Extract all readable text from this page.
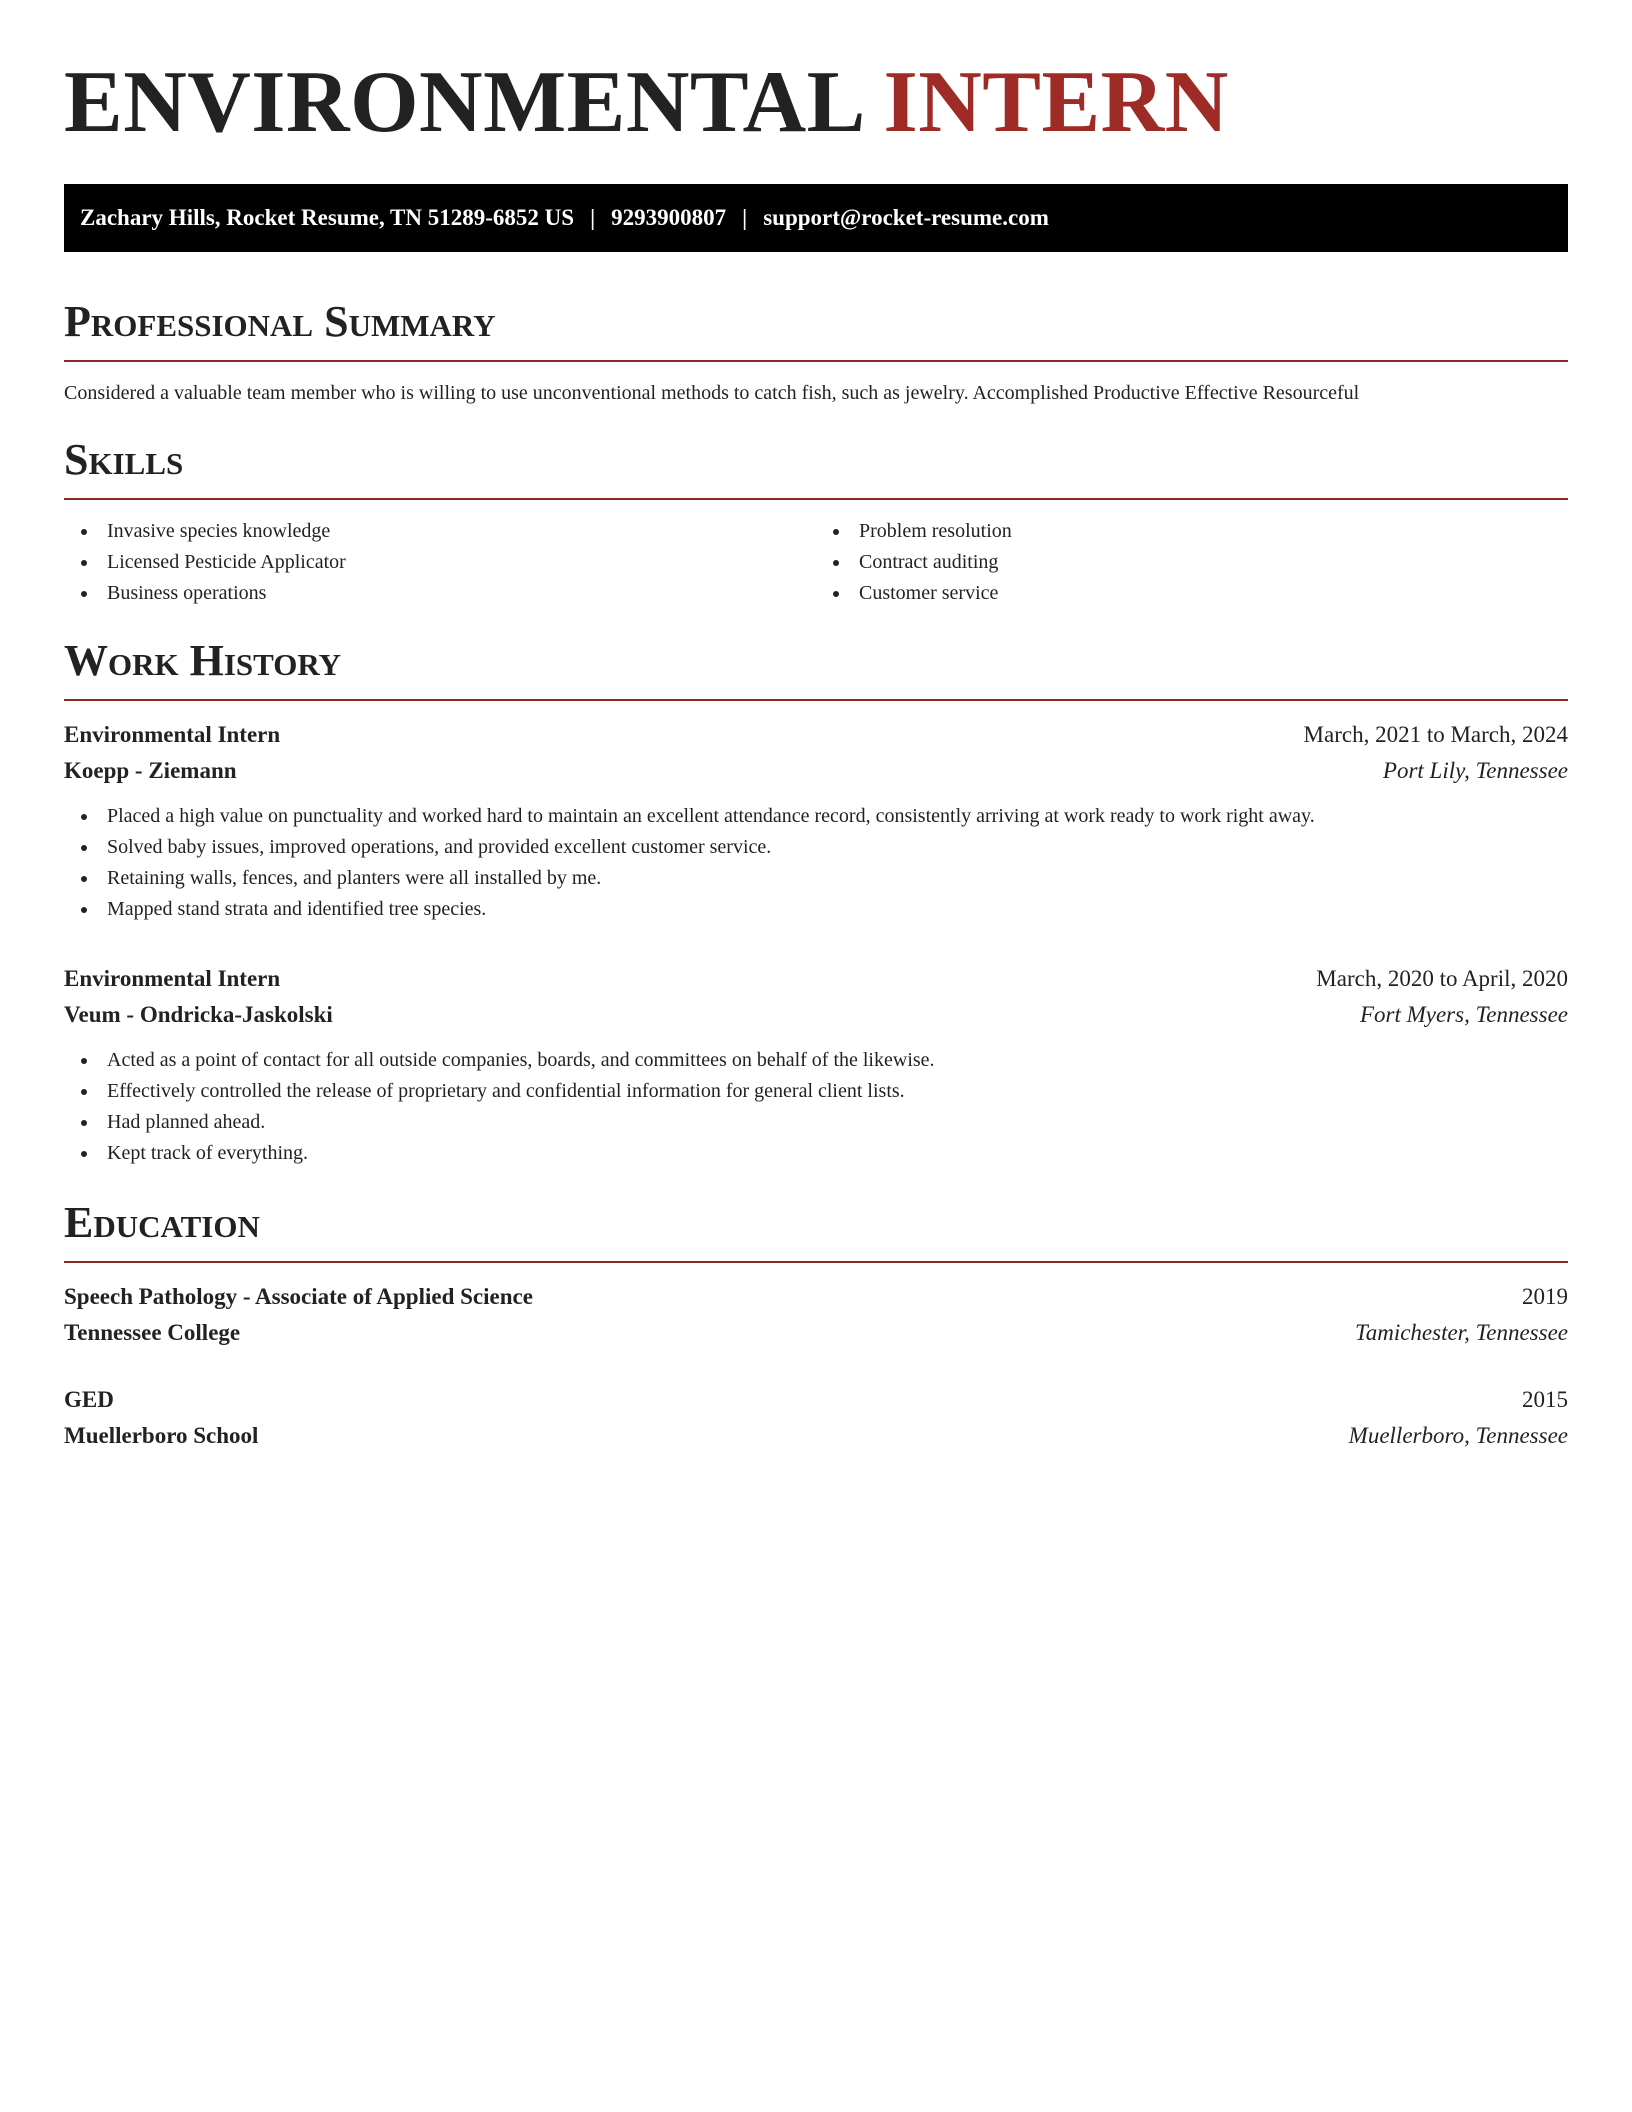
ENVIRONMENTAL INTERN
Zachary Hills, Rocket Resume, TN 51289-6852 US | 9293900807 | support@rocket-resume.com
Professional Summary

Considered a valuable team member who is willing to use unconventional methods to catch fish, such as jewelry. Accomplished Productive Effective Resourceful

Skills
Invasive species knowledge
Licensed Pesticide Applicator
Business operations
Problem resolution
Contract auditing
Customer service
Work History
Environmental Intern	March, 2021 to March, 2024
Koepp - Ziemann	Port Lily, Tennessee
Placed a high value on punctuality and worked hard to maintain an excellent attendance record, consistently arriving at work ready to work right away.
Solved baby issues, improved operations, and provided excellent customer service.
Retaining walls, fences, and planters were all installed by me.
Mapped stand strata and identified tree species.
Environmental Intern	March, 2020 to April, 2020
Veum - Ondricka-Jaskolski	Fort Myers, Tennessee
Acted as a point of contact for all outside companies, boards, and committees on behalf of the likewise.
Effectively controlled the release of proprietary and confidential information for general client lists.
Had planned ahead.
Kept track of everything.
Education
Speech Pathology - Associate of Applied Science	2019
Tennessee College	Tamichester, Tennessee
GED	2015
Muellerboro School	Muellerboro, Tennessee
